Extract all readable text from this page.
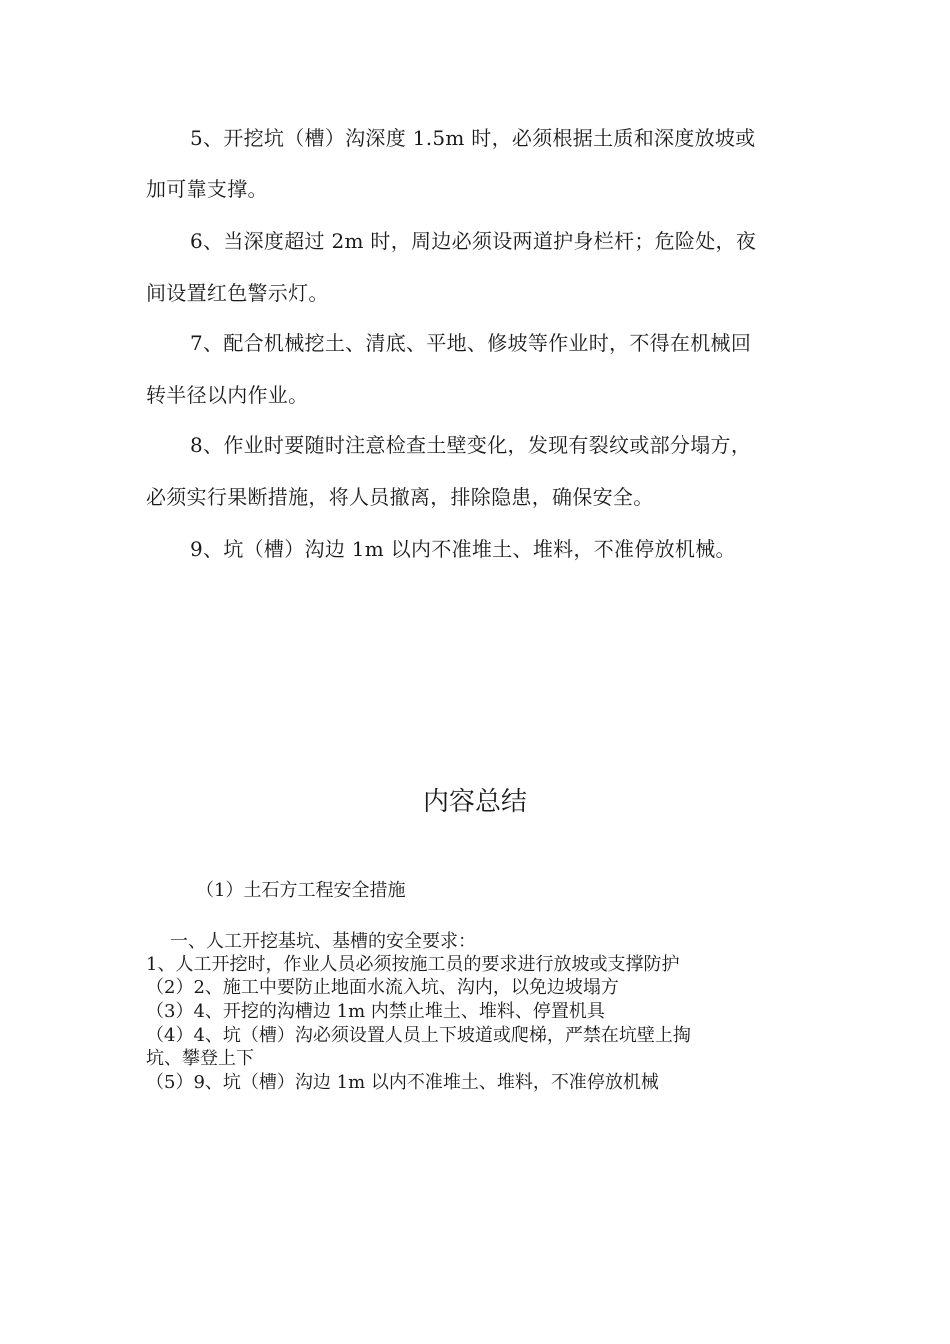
5、开挖坑（槽）沟深度 1.5m 时，必须根据土质和深度放坡或
加可靠支撑。
6、当深度超过 2m 时，周边必须设两道护身栏杆；危险处，夜
间设置红色警示灯。
7、配合机械挖土、清底、平地、修坡等作业时，不得在机械回
转半径以内作业。
8、作业时要随时注意检查土壁变化，发现有裂纹或部分塌方，
必须实行果断措施，将人员撤离，排除隐患，确保安全。
9、坑（槽）沟边 1m 以内不准堆土、堆料，不准停放机械。
内容总结
（1）土石方工程安全措施
一、人工开挖基坑、基槽的安全要求：
1、人工开挖时，作业人员必须按施工员的要求进行放坡或支撑防护
（2）2、施工中要防止地面水流入坑、沟内，以免边坡塌方
（3）4、开挖的沟槽边 1m 内禁止堆土、堆料、停置机具
（4）4、坑（槽）沟必须设置人员上下坡道或爬梯，严禁在坑壁上掏
坑、攀登上下
（5）9、坑（槽）沟边 1m 以内不准堆土、堆料，不准停放机械
